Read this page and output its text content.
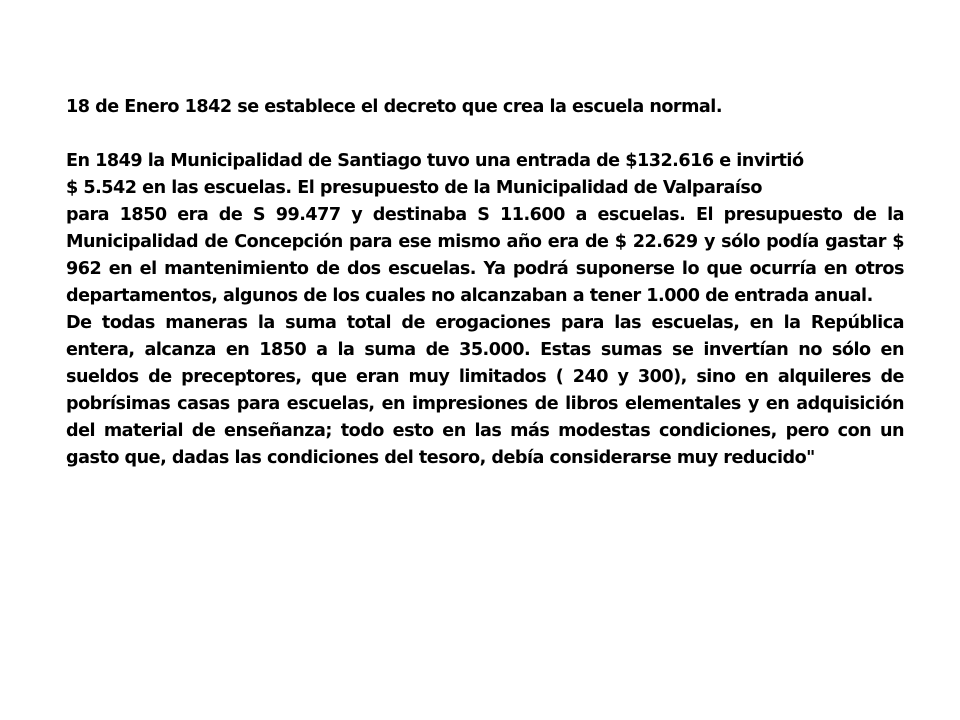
18 de Enero 1842 se establece el decreto que crea la escuela normal.
En 1849 la Municipalidad de Santiago tuvo una entrada de $132.616 e invirtió
$ 5.542 en las escuelas. El presupuesto de la Municipalidad de Valparaíso
para 1850 era de S 99.477 y destinaba S 11.600 a escuelas. El presupuesto de la Municipalidad de Concepción para ese mismo año era de $ 22.629 y sólo podía gastar $ 962 en el mantenimiento de dos escuelas. Ya podrá suponerse lo que ocurría en otros departamentos, algunos de los cuales no alcanzaban a tener 1.000 de entrada anual.
De todas maneras la suma total de erogaciones para las escuelas, en la República entera, alcanza en 1850 a la suma de 35.000. Estas sumas se invertían no sólo en sueldos de preceptores, que eran muy limitados ( 240 y 300), sino en alquileres de pobrísimas casas para escuelas, en impresiones de libros elementales y en adquisición del material de enseñanza; todo esto en las más modestas condiciones, pero con un gasto que, dadas las condiciones del tesoro, debía considerarse muy reducido"
